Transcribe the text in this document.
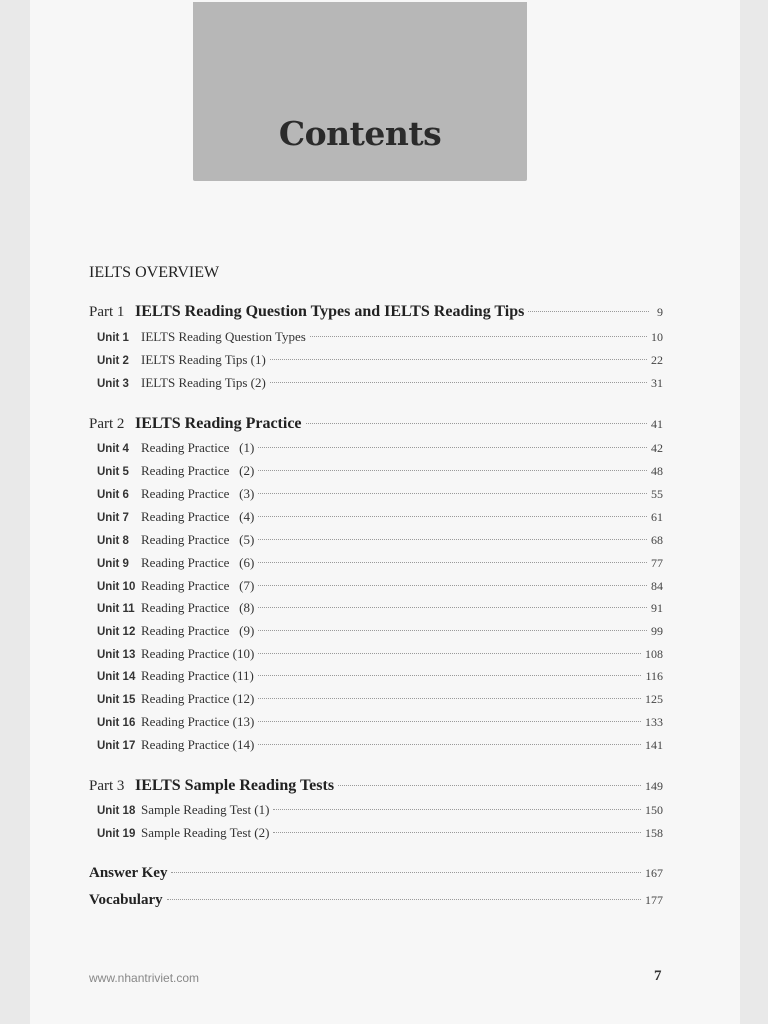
Contents
IELTS OVERVIEW
Part 1 IELTS Reading Question Types and IELTS Reading Tips	9
Unit 1 IELTS Reading Question Types	10
Unit 2 IELTS Reading Tips (1)	22
Unit 3 IELTS Reading Tips (2)	31
Part 2 IELTS Reading Practice	41
Unit 4 Reading Practice   (1)	42
Unit 5 Reading Practice   (2)	48
Unit 6 Reading Practice   (3)	55
Unit 7 Reading Practice   (4)	61
Unit 8 Reading Practice   (5)	68
Unit 9 Reading Practice   (6)	77
Unit 10 Reading Practice   (7)	84
Unit 11 Reading Practice   (8)	91
Unit 12 Reading Practice   (9)	99
Unit 13 Reading Practice (10)	108
Unit 14 Reading Practice (11)	116
Unit 15 Reading Practice (12)	125
Unit 16 Reading Practice (13)	133
Unit 17 Reading Practice (14)	141
Part 3 IELTS Sample Reading Tests	149
Unit 18 Sample Reading Test (1)	150
Unit 19 Sample Reading Test (2)	158
Answer Key	167
Vocabulary	177
www.nhantriviet.com	7
